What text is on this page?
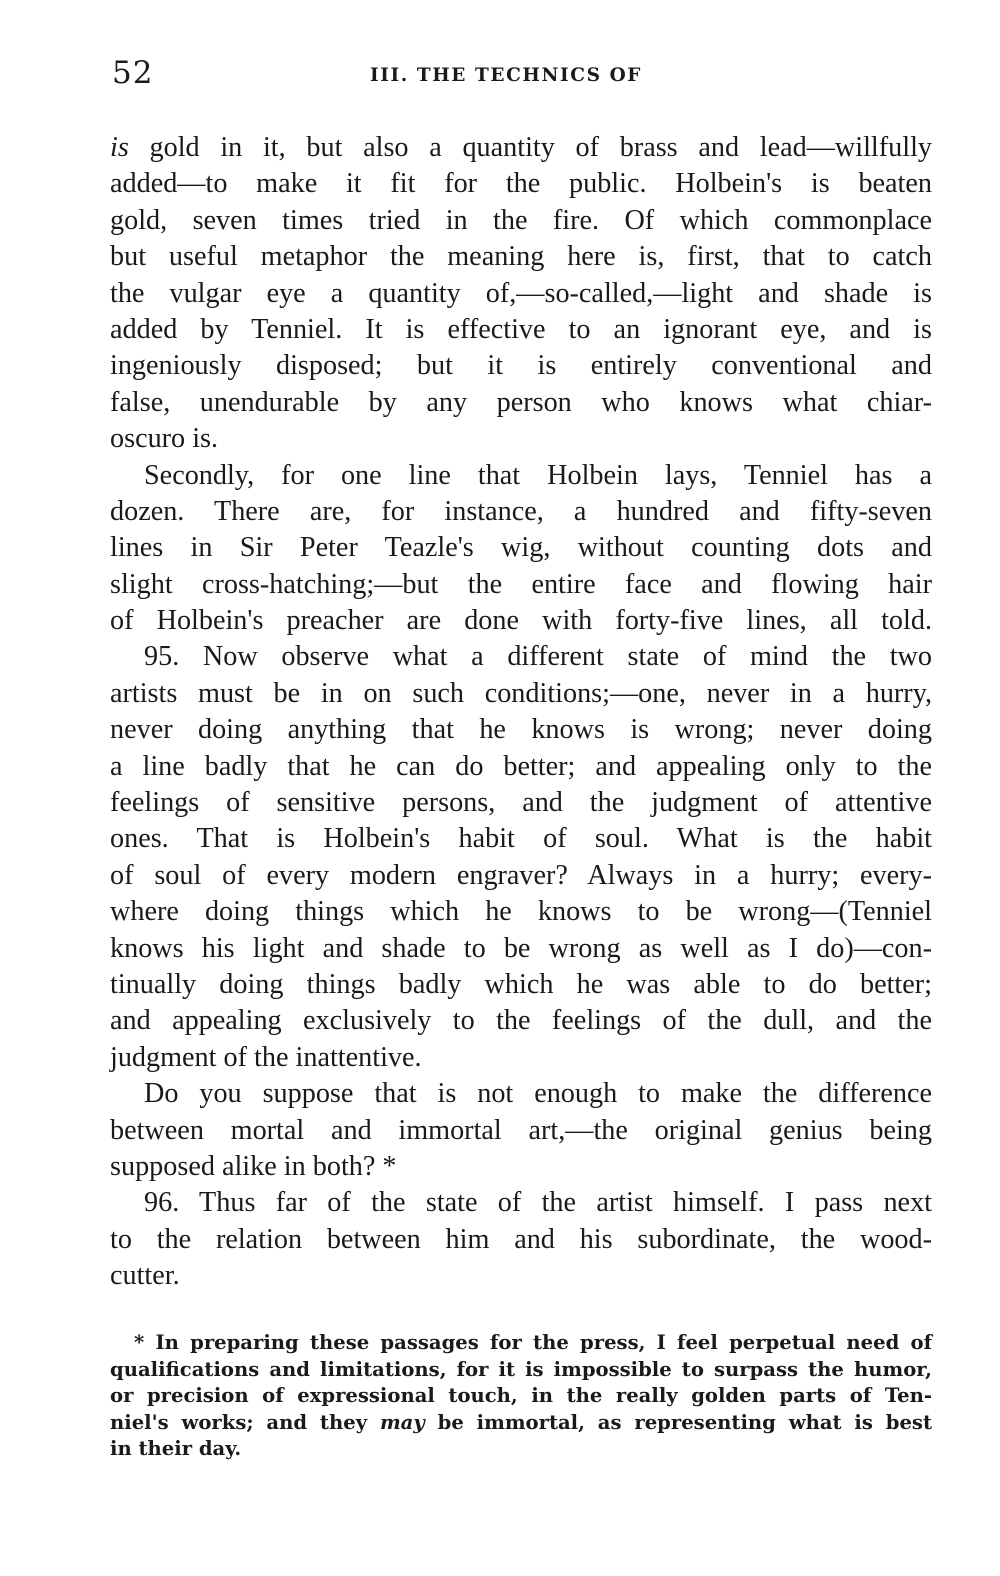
52	III. THE TECHNICS OF
is gold in it, but also a quantity of brass and lead—willfully
added—to make it fit for the public. Holbein's is beaten
gold, seven times tried in the fire. Of which commonplace
but useful metaphor the meaning here is, first, that to catch
the vulgar eye a quantity of,—so-called,—light and shade is
added by Tenniel. It is effective to an ignorant eye, and is
ingeniously disposed; but it is entirely conventional and
false, unendurable by any person who knows what chiar-
oscuro is.
Secondly, for one line that Holbein lays, Tenniel has a
dozen. There are, for instance, a hundred and fifty-seven
lines in Sir Peter Teazle's wig, without counting dots and
slight cross-hatching;—but the entire face and flowing hair
of Holbein's preacher are done with forty-five lines, all told.
95. Now observe what a different state of mind the two
artists must be in on such conditions;—one, never in a hurry,
never doing anything that he knows is wrong; never doing
a line badly that he can do better; and appealing only to the
feelings of sensitive persons, and the judgment of attentive
ones. That is Holbein's habit of soul. What is the habit
of soul of every modern engraver? Always in a hurry; every-
where doing things which he knows to be wrong—(Tenniel
knows his light and shade to be wrong as well as I do)—con-
tinually doing things badly which he was able to do better;
and appealing exclusively to the feelings of the dull, and the
judgment of the inattentive.
Do you suppose that is not enough to make the difference
between mortal and immortal art,—the original genius being
supposed alike in both? *
96. Thus far of the state of the artist himself. I pass next
to the relation between him and his subordinate, the wood-
cutter.
* In preparing these passages for the press, I feel perpetual need of
qualifications and limitations, for it is impossible to surpass the humor,
or precision of expressional touch, in the really golden parts of Ten-
niel's works; and they may be immortal, as representing what is best
in their day.
